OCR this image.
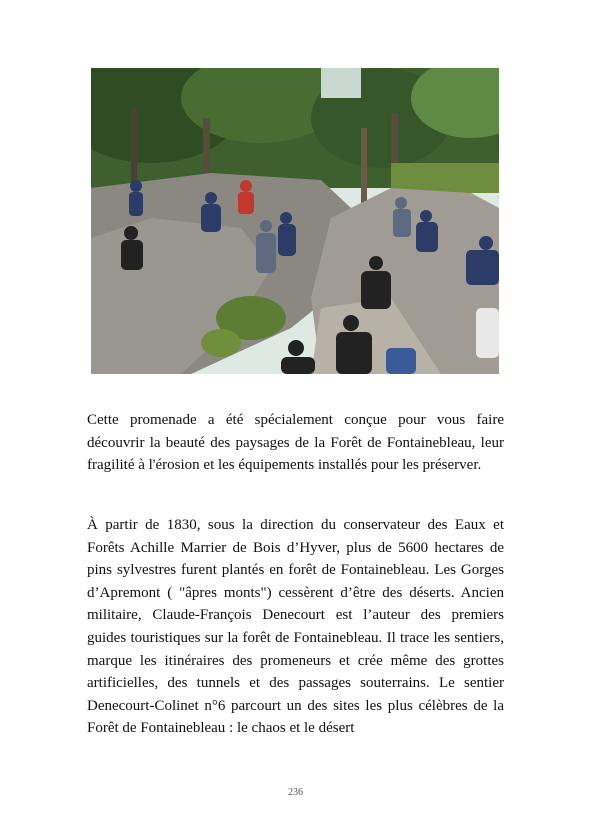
Cette promenade a été spécialement conçue pour vous faire découvrir la beauté des paysages de la Forêt de Fontainebleau, leur fragilité à l'érosion et les équipements installés pour les préserver.

À partir de 1830, sous la direction du conservateur des Eaux et Forêts Achille Marrier de Bois d’Hyver, plus de 5600 hectares de pins sylvestres furent plantés en forêt de Fontainebleau. Les Gorges d’Apremont ( "âpres monts") cessèrent d’être des déserts. Ancien militaire, Claude-François Denecourt est l’auteur des premiers guides touristiques sur la forêt de Fontainebleau. Il trace les sentiers, marque les itinéraires des promeneurs et crée même des grottes artificielles, des tunnels et des passages souterrains. Le sentier Denecourt-Colinet n°6 parcourt un des sites les plus célèbres de la Forêt de Fontainebleau : le chaos et le désert

236
